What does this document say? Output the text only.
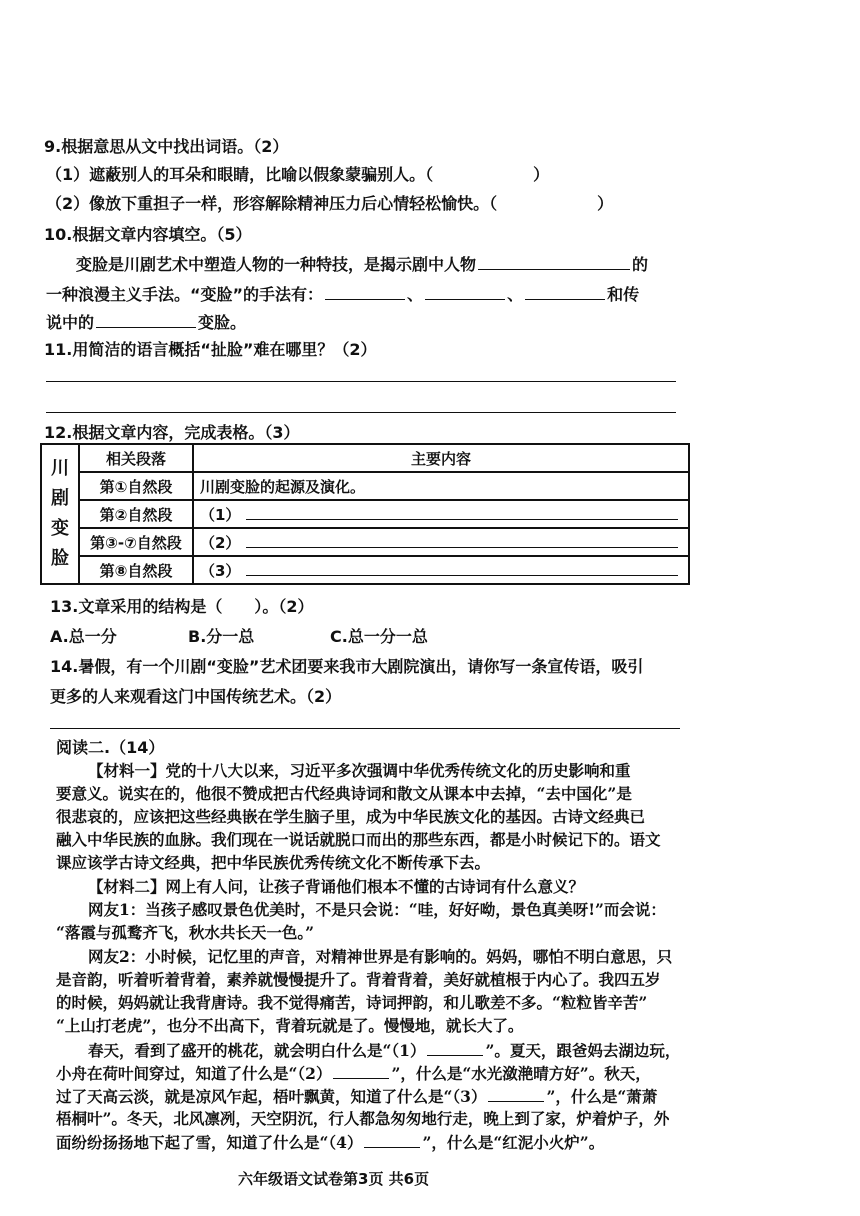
9.根据意思从文中找出词语。（2）
（1）遮蔽别人的耳朵和眼睛，比喻以假象蒙骗别人。（	）
（2）像放下重担子一样，形容解除精神压力后心情轻松愉快。（	）
10.根据文章内容填空。（5）
变脸是川剧艺术中塑造人物的一种特技，是揭示剧中人物	的
一种浪漫主义手法。“变脸”的手法有：	、	、	和传
说中的	变脸。
11.用简洁的语言概括“扯脸”难在哪里？（2）
12.根据文章内容，完成表格。（3）
川
剧
变
脸	相关段落	主要内容
	第①自然段	川剧变脸的起源及演化。
	第②自然段	（1）
	第③-⑦自然段	（2）
	第⑧自然段	（3）
13.文章采用的结构是（　　）。（2）
A.总一分	B.分一总	C.总一分一总
14.暑假，有一个川剧“变脸”艺术团要来我市大剧院演出，请你写一条宣传语，吸引
更多的人来观看这门中国传统艺术。（2）
阅读二.（14）
【材料一】党的十八大以来，习近平多次强调中华优秀传统文化的历史影响和重
要意义。说实在的，他很不赞成把古代经典诗词和散文从课本中去掉，“去中国化”是
很悲哀的，应该把这些经典嵌在学生脑子里，成为中华民族文化的基因。古诗文经典已
融入中华民族的血脉。我们现在一说话就脱口而出的那些东西，都是小时候记下的。语文
课应该学古诗文经典，把中华民族优秀传统文化不断传承下去。
【材料二】网上有人问，让孩子背诵他们根本不懂的古诗词有什么意义？
网友1：当孩子感叹景色优美时，不是只会说：“哇，好好呦，景色真美呀!”而会说：
“落霞与孤鹜齐飞，秋水共长天一色。”
网友2：小时候，记忆里的声音，对精神世界是有影响的。妈妈，哪怕不明白意思，只
是音韵，听着听着背着，素养就慢慢提升了。背着背着，美好就植根于内心了。我四五岁
的时候，妈妈就让我背唐诗。我不觉得痛苦，诗词押韵，和儿歌差不多。“粒粒皆辛苦”
“上山打老虎”，也分不出高下，背着玩就是了。慢慢地，就长大了。
春天，看到了盛开的桃花，就会明白什么是“（1）	”。夏天，跟爸妈去湖边玩，
小舟在荷叶间穿过，知道了什么是“（2）	”，什么是“水光潋滟晴方好”。秋天，
过了天高云淡，就是凉风乍起，梧叶飘黄，知道了什么是“（3）	”，什么是“萧萧
梧桐叶”。冬天，北风凛冽，天空阴沉，行人都急匆匆地行走，晚上到了家，炉着炉子，外
面纷纷扬扬地下起了雪，知道了什么是“（4）	”，什么是“红泥小火炉”。
六年级语文试卷第3页 共6页
